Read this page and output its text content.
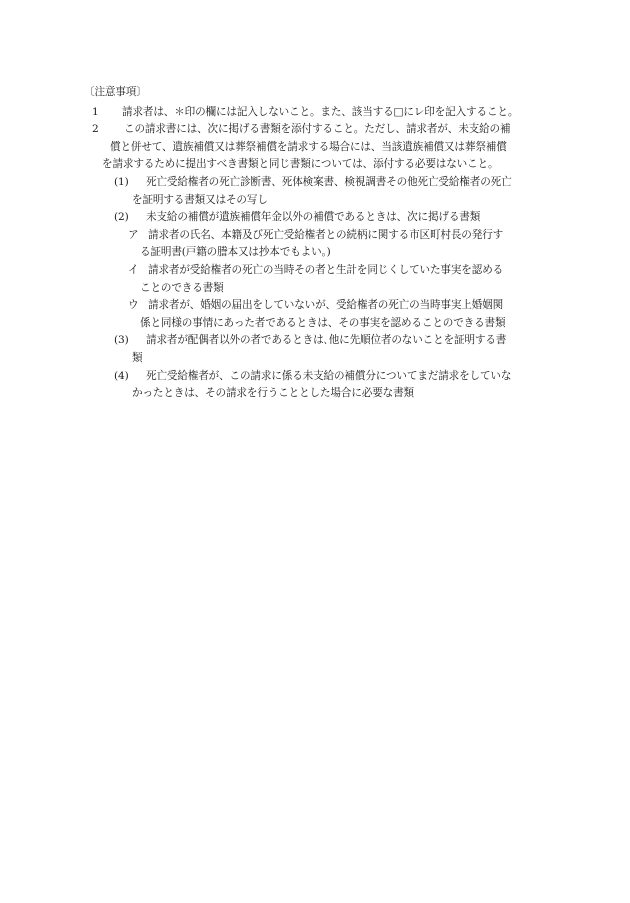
〔注意事項〕
1 請求者は、＊印の欄には記入しないこと。また、該当する□にレ印を記入すること。
2	この請求書には、次に掲げる書類を添付すること。ただし、請求者が、未支給の補
償と併せて、遺族補償又は葬祭補償を請求する場合には、当該遺族補償又は葬祭補償
を請求するために提出すべき書類と同じ書類については、添付する必要はないこと。
(1) 死亡受給権者の死亡診断書、死体検案書、検視調書その他死亡受給権者の死亡
を証明する書類又はその写し
(2) 未支給の補償が遺族補償年金以外の補償であるときは、次に掲げる書類
ア 請求者の氏名、本籍及び死亡受給権者との続柄に関する市区町村長の発行す
る証明書(戸籍の謄本又は抄本でもよい。)
イ 請求者が受給権者の死亡の当時その者と生計を同じくしていた事実を認める
ことのできる書類
ウ 請求者が、婚姻の届出をしていないが、受給権者の死亡の当時事実上婚姻関
係と同様の事情にあった者であるときは、その事実を認めることのできる書類
(3) 請求者が配偶者以外の者であるときは､他に先順位者のないことを証明する書
類
(4) 死亡受給権者が、この請求に係る未支給の補償分についてまだ請求をしていな
かったときは、その請求を行うこととした場合に必要な書類
